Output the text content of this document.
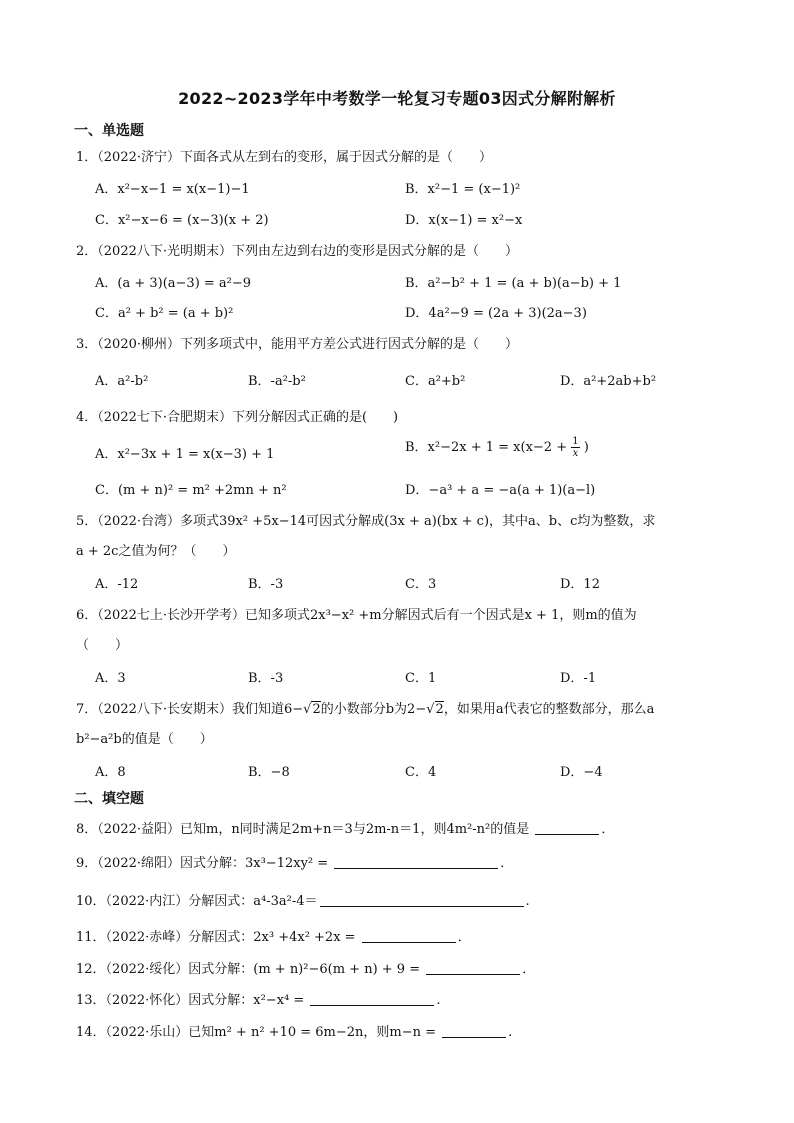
2022~2023学年中考数学一轮复习专题03因式分解附解析
一、单选题
1．（2022·济宁）下面各式从左到右的变形，属于因式分解的是（　　）
A．x²−x−1 = x(x−1)−1	B．x²−1 = (x−1)²
C．x²−x−6 = (x−3)(x + 2)	D．x(x−1) = x²−x
2．（2022八下·光明期末）下列由左边到右边的变形是因式分解的是（　　）
A．(a + 3)(a−3) = a²−9	B．a²−b² + 1 = (a + b)(a−b) + 1
C．a² + b² = (a + b)²	D．4a²−9 = (2a + 3)(2a−3)
3．（2020·柳州）下列多项式中，能用平方差公式进行因式分解的是（　　）
A．a²-b²	B．-a²-b²	C．a²+b²	D．a²+2ab+b²
4．（2022七下·合肥期末）下列分解因式正确的是(　　)
A．x²−3x + 1 = x(x−3) + 1	B．$x^2-2x + 1 = x(x-2 + \frac{1}{x}$ )
C．(m + n)² = m² +2mn + n²	D．−a³ + a = −a(a + 1)(a−l)
5．（2022·台湾）多项式39x² +5x−14可因式分解成(3x + a)(bx + c)，其中a、b、c均为整数，求
a + 2c之值为何？（　　）
A．-12	B．-3	C．3	D．12
6．（2022七上·长沙开学考）已知多项式2x³−x² +m分解因式后有一个因式是x + 1，则m的值为
（　　）
A．3	B．-3	C．1	D．-1
7．（2022八下·长安期末）我们知道6−√2的小数部分b为2−√2，如果用a代表它的整数部分，那么a
b²−a²b的值是（　　）
A．8	B．−8	C．4	D．−4
二、填空题
8．（2022·益阳）已知m，n同时满足2m+n＝3与2m-n＝1，则4m²-n²的值是	．
9．（2022·绵阳）因式分解：3x³−12xy² =	．
10．（2022·内江）分解因式：a⁴-3a²-4＝	.
11．（2022·赤峰）分解因式：2x³ +4x² +2x =	．
12．（2022·绥化）因式分解：(m + n)²−6(m + n) + 9 =	．
13．（2022·怀化）因式分解：x²−x⁴ =	.
14．（2022·乐山）已知m² + n² +10 = 6m−2n，则m−n =	.
